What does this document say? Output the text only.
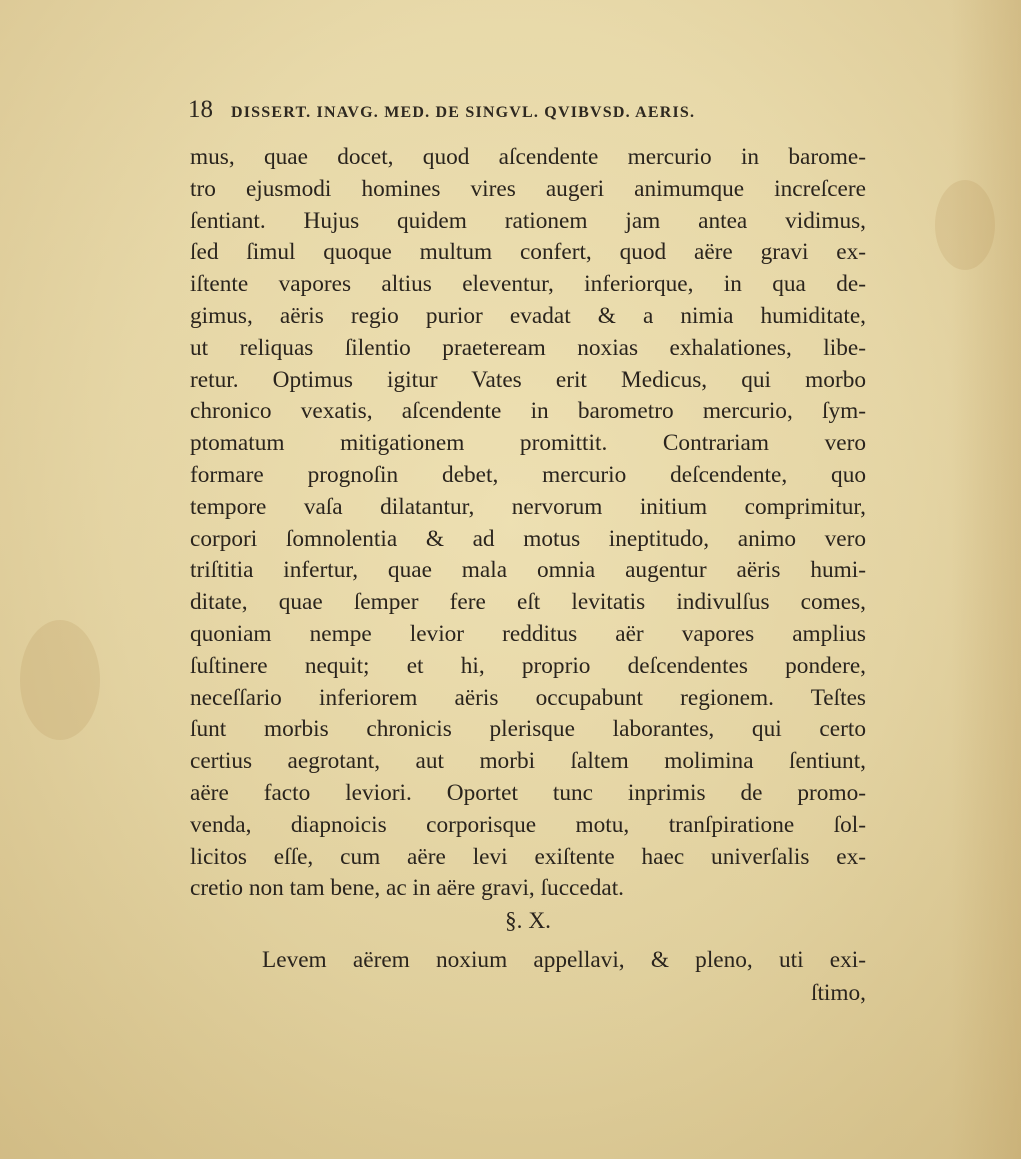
18 DISSERT. INAVG. MED. DE SINGVL. QVIBVSD. AERIS.
mus, quae docet, quod aſcendente mercurio in barome-
tro ejusmodi homines vires augeri animumque increſcere
ſentiant. Hujus quidem rationem jam antea vidimus,
ſed ſimul quoque multum confert, quod aëre gravi ex-
iſtente vapores altius eleventur, inferiorque, in qua de-
gimus, aëris regio purior evadat & a nimia humiditate,
ut reliquas ſilentio praeteream noxias exhalationes, libe-
retur. Optimus igitur Vates erit Medicus, qui morbo
chronico vexatis, aſcendente in barometro mercurio, ſym-
ptomatum mitigationem promittit. Contrariam vero
formare prognoſin debet, mercurio deſcendente, quo
tempore vaſa dilatantur, nervorum initium comprimitur,
corpori ſomnolentia & ad motus ineptitudo, animo vero
triſtitia infertur, quae mala omnia augentur aëris humi-
ditate, quae ſemper fere eſt levitatis indivulſus comes,
quoniam nempe levior redditus aër vapores amplius
ſuſtinere nequit; et hi, proprio deſcendentes pondere,
neceſſario inferiorem aëris occupabunt regionem. Teſtes
ſunt morbis chronicis plerisque laborantes, qui certo
certius aegrotant, aut morbi ſaltem molimina ſentiunt,
aëre facto leviori. Oportet tunc inprimis de promo-
venda, diapnoicis corporisque motu, tranſpiratione ſol-
licitos eſſe, cum aëre levi exiſtente haec univerſalis ex-
cretio non tam bene, ac in aëre gravi, ſuccedat.
§. X.
Levem aërem noxium appellavi, & pleno, uti exi-
ſtimo,
